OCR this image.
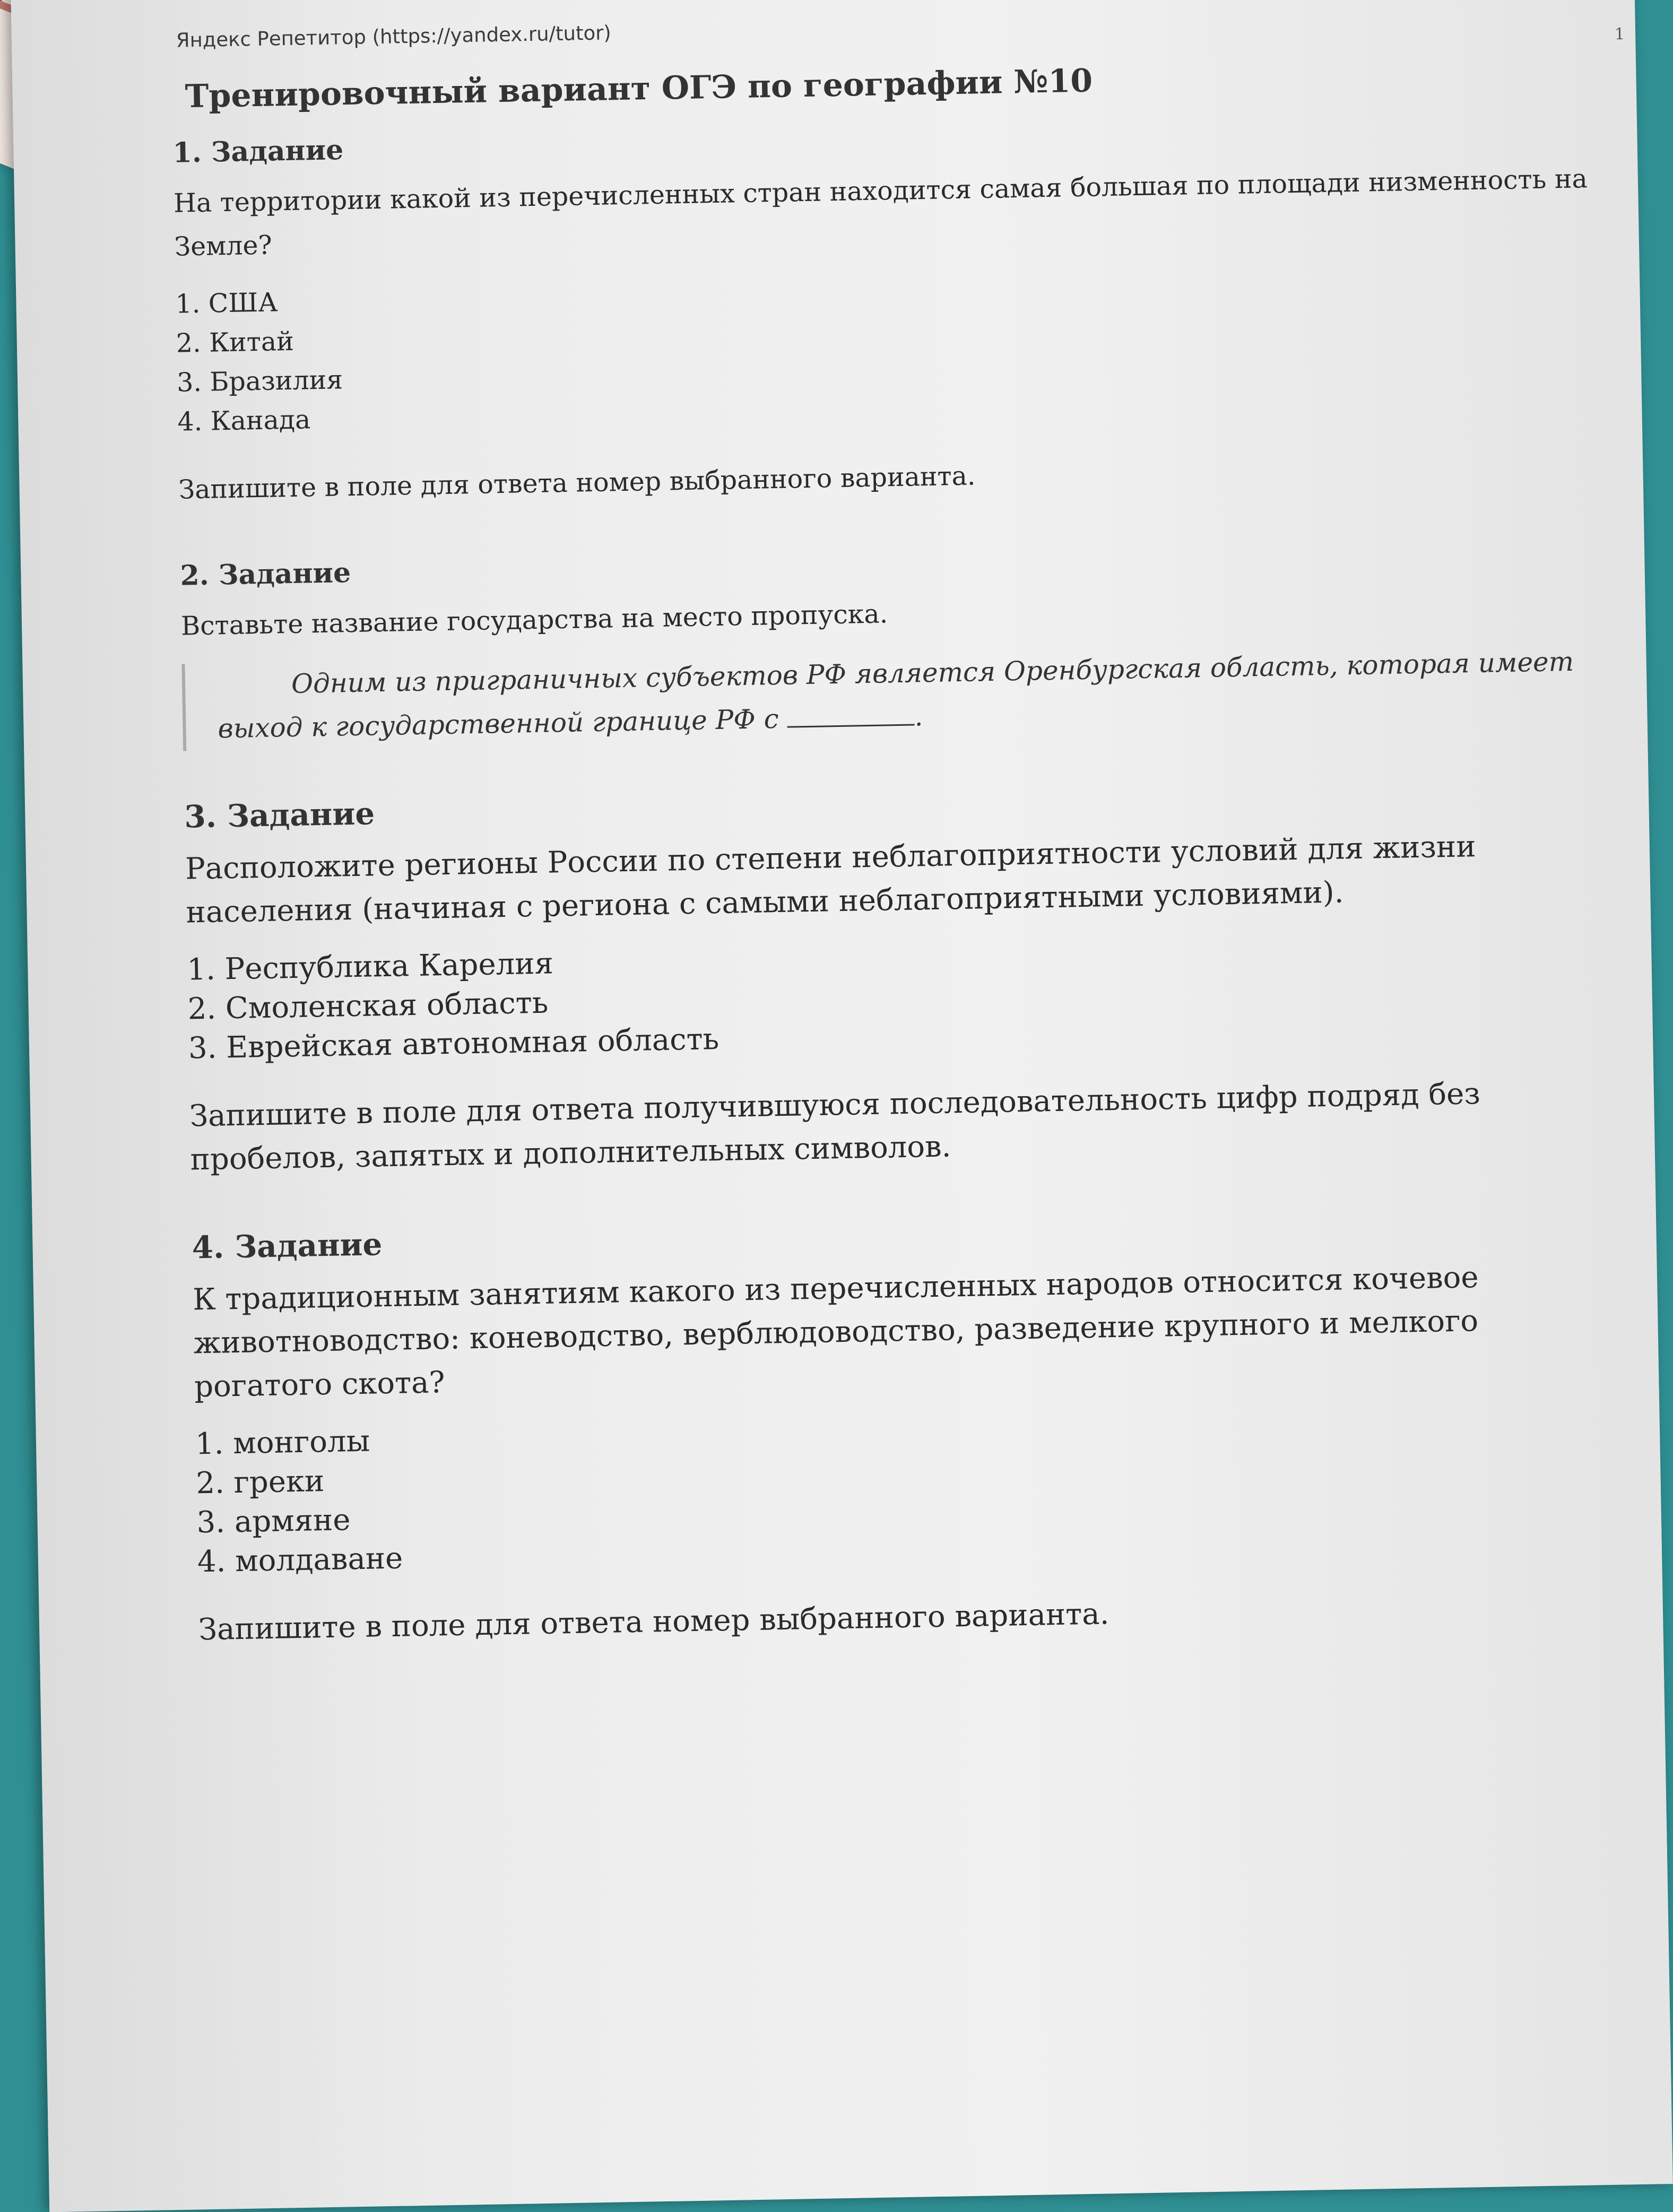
Яндекс Репетитор (https://yandex.ru/tutor)	1
Тренировочный вариант ОГЭ по географии №10
1. Задание

На территории какой из перечисленных стран находится самая большая по площади низменность на Земле?

1. США
2. Китай
3. Бразилия
4. Канада

Запишите в поле для ответа номер выбранного варианта.

2. Задание

Вставьте название государства на место пропуска.

Одним из приграничных субъектов РФ является Оренбургская область, которая имеет выход к государственной границе РФ с	.
3. Задание

Расположите регионы России по степени неблагоприятности условий для жизни населения (начиная с региона с самыми неблагоприятными условиями).

1. Республика Карелия
2. Смоленская область
3. Еврейская автономная область

Запишите в поле для ответа получившуюся последовательность цифр подряд без пробелов, запятых и дополнительных символов.

4. Задание

К традиционным занятиям какого из перечисленных народов относится кочевое животноводство: коневодство, верблюдоводство, разведение крупного и мелкого рогатого скота?

1. монголы
2. греки
3. армяне
4. молдаване

Запишите в поле для ответа номер выбранного варианта.
